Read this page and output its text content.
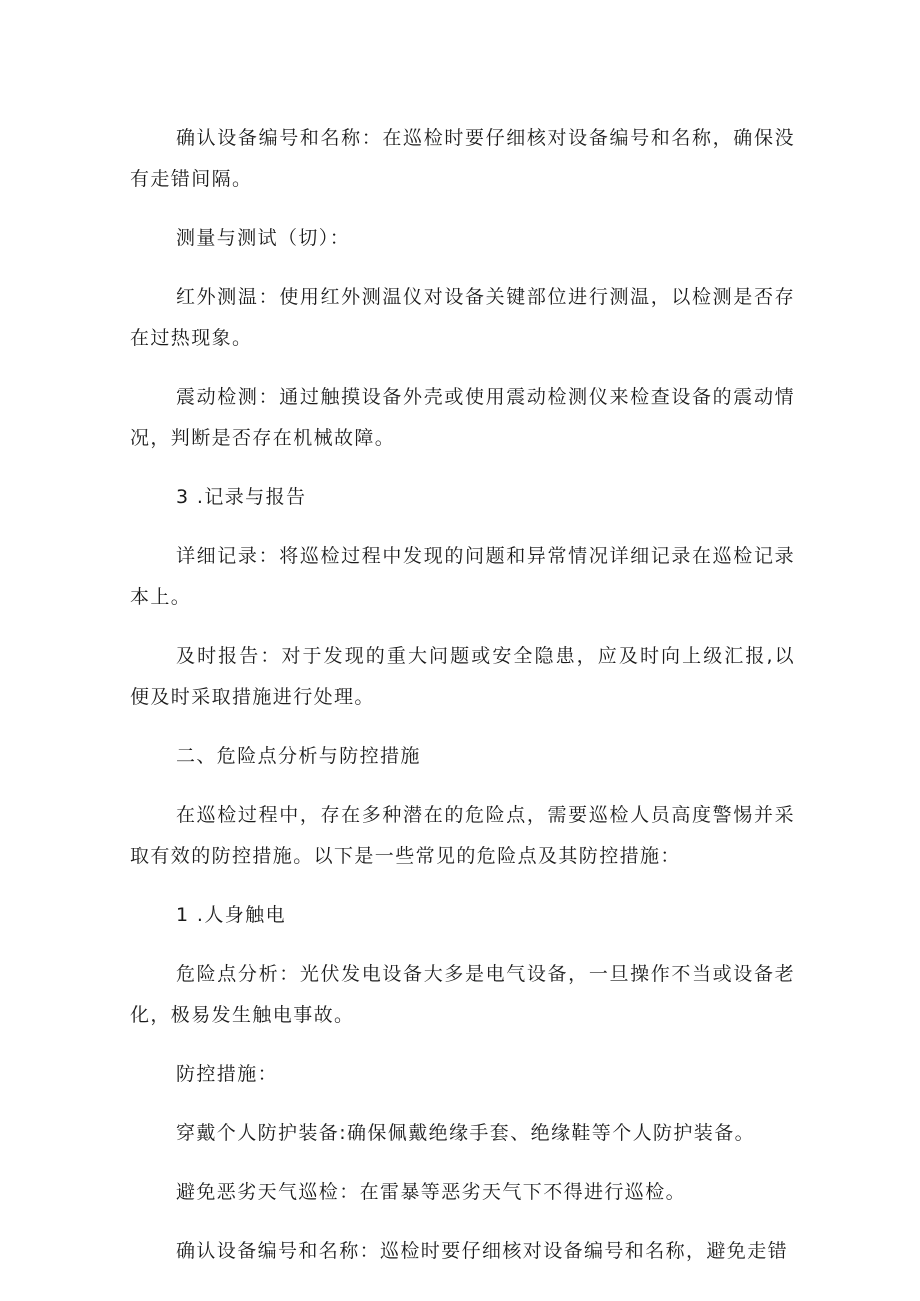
确认设备编号和名称：在巡检时要仔细核对设备编号和名称，确保没有走错间隔。

测量与测试（切）：

红外测温：使用红外测温仪对设备关键部位进行测温，以检测是否存在过热现象。

震动检测：通过触摸设备外壳或使用震动检测仪来检查设备的震动情况，判断是否存在机械故障。

3 .记录与报告

详细记录：将巡检过程中发现的问题和异常情况详细记录在巡检记录本上。

及时报告：对于发现的重大问题或安全隐患，应及时向上级汇报,以便及时采取措施进行处理。

二、危险点分析与防控措施

在巡检过程中，存在多种潜在的危险点，需要巡检人员高度警惕并采取有效的防控措施。以下是一些常见的危险点及其防控措施：

1 .人身触电

危险点分析：光伏发电设备大多是电气设备，一旦操作不当或设备老化，极易发生触电事故。

防控措施：

穿戴个人防护装备:确保佩戴绝缘手套、绝缘鞋等个人防护装备。

避免恶劣天气巡检：在雷暴等恶劣天气下不得进行巡检。

确认设备编号和名称：巡检时要仔细核对设备编号和名称，避免走错
